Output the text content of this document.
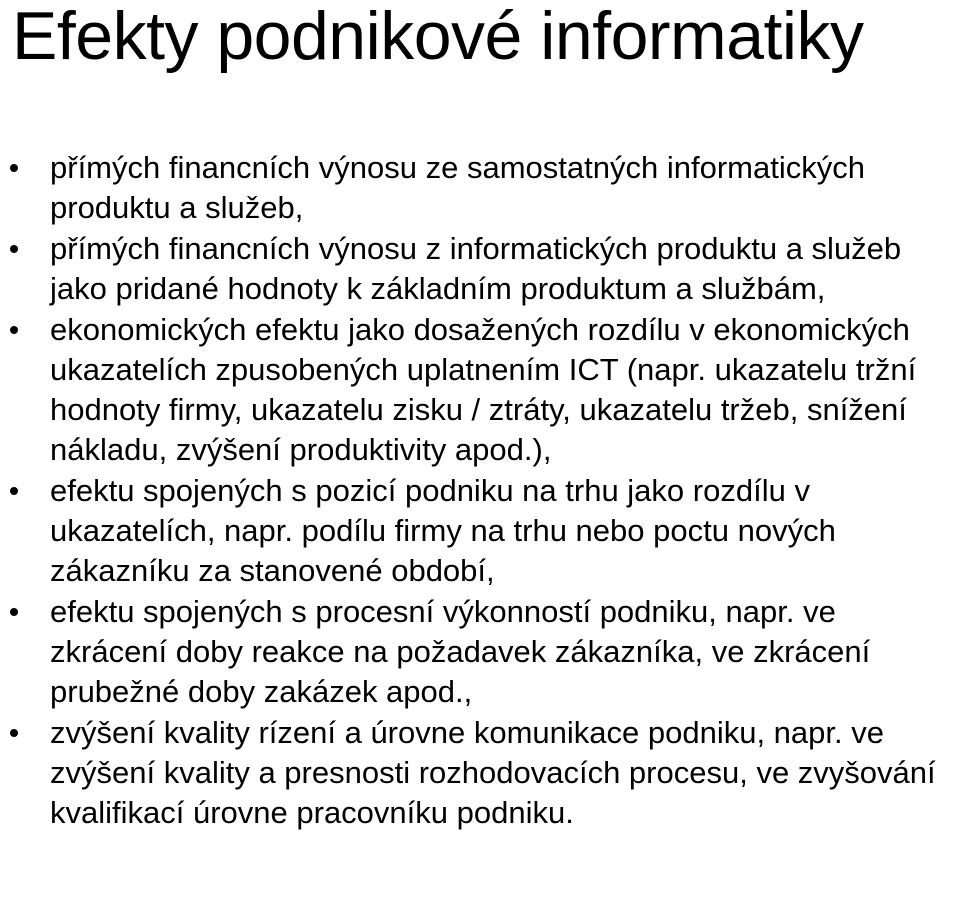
Efekty podnikové informatiky
přímých financních výnosu ze samostatných informatických produktu a služeb,
přímých financních výnosu z informatických produktu a služeb jako pridané hodnoty k základním produktum a službám,
ekonomických efektu jako dosažených rozdílu v ekonomických ukazatelích zpusobených uplatnením ICT (napr. ukazatelu tržní hodnoty firmy, ukazatelu zisku / ztráty, ukazatelu tržeb, snížení nákladu, zvýšení produktivity apod.),
efektu spojených s pozicí podniku na trhu jako rozdílu v ukazatelích, napr. podílu firmy na trhu nebo poctu nových zákazníku za stanovené období,
efektu spojených s procesní výkonností podniku, napr. ve zkrácení doby reakce na požadavek zákazníka, ve zkrácení prubežné doby zakázek apod.,
zvýšení kvality rízení a úrovne komunikace podniku, napr. ve zvýšení kvality a presnosti rozhodovacích procesu, ve zvyšování kvalifikací úrovne pracovníku podniku.
